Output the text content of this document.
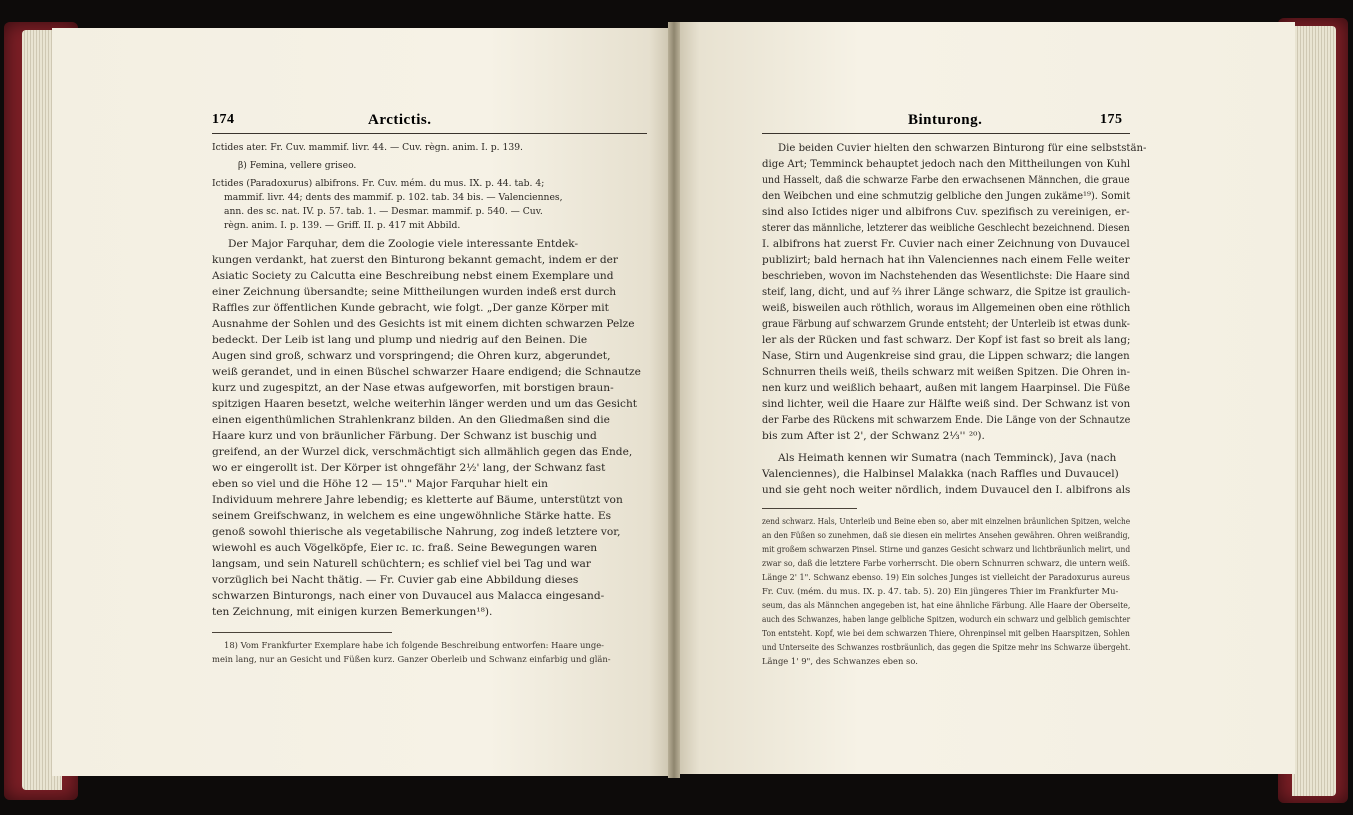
174	Arctictis.	Binturong.	175
Ictides ater. Fr. Cuv. mammif. livr. 44. — Cuv. règn. anim. I. p. 139.
β) Femina, vellere griseo.
Ictides (Paradoxurus) albifrons. Fr. Cuv. mém. du mus. IX. p. 44. tab. 4;
mammif. livr. 44; dents des mammif. p. 102. tab. 34 bis. — Valenciennes,
ann. des sc. nat. IV. p. 57. tab. 1. — Desmar. mammif. p. 540. — Cuv.
règn. anim. I. p. 139. — Griff. II. p. 417 mit Abbild.
Der Major Farquhar, dem die Zoologie viele interessante Entdek-
kungen verdankt, hat zuerst den Binturong bekannt gemacht, indem er der
Asiatic Society zu Calcutta eine Beschreibung nebst einem Exemplare und
einer Zeichnung übersandte; seine Mittheilungen wurden indeß erst durch
Raffles zur öffentlichen Kunde gebracht, wie folgt. „Der ganze Körper mit
Ausnahme der Sohlen und des Gesichts ist mit einem dichten schwarzen Pelze
bedeckt. Der Leib ist lang und plump und niedrig auf den Beinen. Die
Augen sind groß, schwarz und vorspringend; die Ohren kurz, abgerundet,
weiß gerandet, und in einen Büschel schwarzer Haare endigend; die Schnautze
kurz und zugespitzt, an der Nase etwas aufgeworfen, mit borstigen braun-
spitzigen Haaren besetzt, welche weiterhin länger werden und um das Gesicht
einen eigenthümlichen Strahlenkranz bilden. An den Gliedmaßen sind die
Haare kurz und von bräunlicher Färbung. Der Schwanz ist buschig und
greifend, an der Wurzel dick, verschmächtigt sich allmählich gegen das Ende,
wo er eingerollt ist. Der Körper ist ohngefähr 2½' lang, der Schwanz fast
eben so viel und die Höhe 12 — 15"." Major Farquhar hielt ein
Individuum mehrere Jahre lebendig; es kletterte auf Bäume, unterstützt von
seinem Greifschwanz, in welchem es eine ungewöhnliche Stärke hatte. Es
genoß sowohl thierische als vegetabilische Nahrung, zog indeß letztere vor,
wiewohl es auch Vögelköpfe, Eier ɪc. ɪc. fraß. Seine Bewegungen waren
langsam, und sein Naturell schüchtern; es schlief viel bei Tag und war
vorzüglich bei Nacht thätig. — Fr. Cuvier gab eine Abbildung dieses
schwarzen Binturongs, nach einer von Duvaucel aus Malacca eingesand-
ten Zeichnung, mit einigen kurzen Bemerkungen¹⁸).
18) Vom Frankfurter Exemplare habe ich folgende Beschreibung entworfen: Haare unge-
mein lang, nur an Gesicht und Füßen kurz. Ganzer Oberleib und Schwanz einfarbig und glän-
Die beiden Cuvier hielten den schwarzen Binturong für eine selbststän-
dige Art; Temminck behauptet jedoch nach den Mittheilungen von Kuhl
und Hasselt, daß die schwarze Farbe den erwachsenen Männchen, die graue
den Weibchen und eine schmutzig gelbliche den Jungen zukäme¹⁹). Somit
sind also Ictides niger und albifrons Cuv. spezifisch zu vereinigen, er-
sterer das männliche, letzterer das weibliche Geschlecht bezeichnend. Diesen
I. albifrons hat zuerst Fr. Cuvier nach einer Zeichnung von Duvaucel
publizirt; bald hernach hat ihn Valenciennes nach einem Felle weiter
beschrieben, wovon im Nachstehenden das Wesentlichste: Die Haare sind
steif, lang, dicht, und auf ⅔ ihrer Länge schwarz, die Spitze ist graulich-
weiß, bisweilen auch röthlich, woraus im Allgemeinen oben eine röthlich
graue Färbung auf schwarzem Grunde entsteht; der Unterleib ist etwas dunk-
ler als der Rücken und fast schwarz. Der Kopf ist fast so breit als lang;
Nase, Stirn und Augenkreise sind grau, die Lippen schwarz; die langen
Schnurren theils weiß, theils schwarz mit weißen Spitzen. Die Ohren in-
nen kurz und weißlich behaart, außen mit langem Haarpinsel. Die Füße
sind lichter, weil die Haare zur Hälfte weiß sind. Der Schwanz ist von
der Farbe des Rückens mit schwarzem Ende. Die Länge von der Schnautze
bis zum After ist 2', der Schwanz 2⅓'' ²⁰).
Als Heimath kennen wir Sumatra (nach Temminck), Java (nach
Valenciennes), die Halbinsel Malakka (nach Raffles und Duvaucel)
und sie geht noch weiter nördlich, indem Duvaucel den I. albifrons als
zend schwarz. Hals, Unterleib und Beine eben so, aber mit einzelnen bräunlichen Spitzen, welche
an den Füßen so zunehmen, daß sie diesen ein melirtes Ansehen gewähren. Ohren weißrandig,
mit großem schwarzen Pinsel. Stirne und ganzes Gesicht schwarz und lichtbräunlich melirt, und
zwar so, daß die letztere Farbe vorherrscht. Die obern Schnurren schwarz, die untern weiß.
Länge 2' 1". Schwanz ebenso. 19) Ein solches Junges ist vielleicht der Paradoxurus aureus
Fr. Cuv. (mém. du mus. IX. p. 47. tab. 5). 20) Ein jüngeres Thier im Frankfurter Mu-
seum, das als Männchen angegeben ist, hat eine ähnliche Färbung. Alle Haare der Oberseite,
auch des Schwanzes, haben lange gelbliche Spitzen, wodurch ein schwarz und gelblich gemischter
Ton entsteht. Kopf, wie bei dem schwarzen Thiere, Ohrenpinsel mit gelben Haarspitzen, Sohlen
und Unterseite des Schwanzes rostbräunlich, das gegen die Spitze mehr ins Schwarze übergeht.
Länge 1' 9", des Schwanzes eben so.
